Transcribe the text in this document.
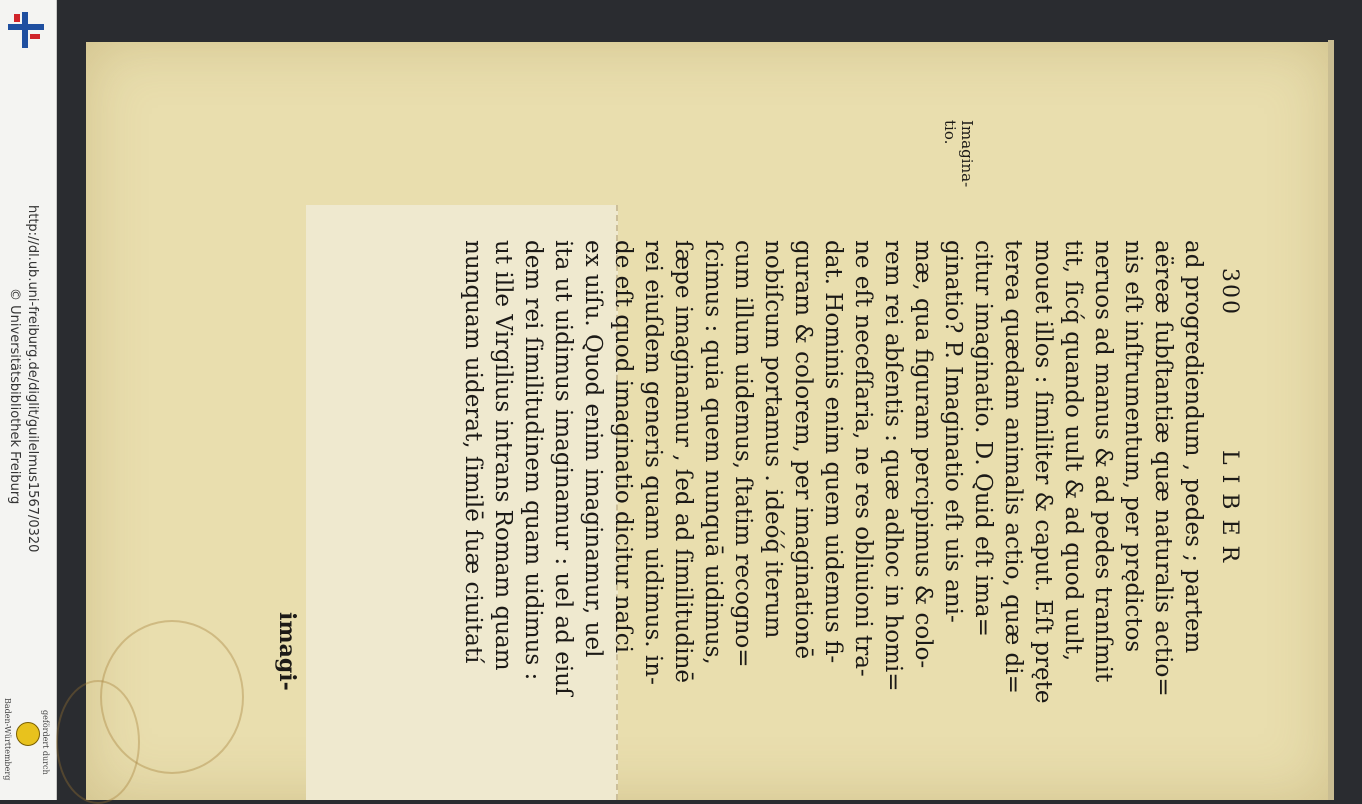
http://dl.ub.uni-freiburg.de/diglit/guilelmus1567/0320
© Universitätsbibliothek Freiburg
gefördert durch
Baden-Württemberg
Imagina-
tio.
300
LIBER
ad progrediendum , pedes ; partem
aëreæ ſubſtantiæ quæ naturalis actio=
nis eſt inſtrumentum, per prędictos
neruos ad manus & ad pedes tranſmit
tit, ſicq́ quando uult & ad quod uult,
mouet illos : ſimiliter & caput. Eſt pręte
terea quædam animalis actio, quæ di=
citur imaginatio. D. Quid eſt ima=
ginatio? P. Imaginatio eſt uis ani-
mæ, qua figuram percipimus & colo-
rem rei abſentis : quæ adhoc in homi=
ne eſt neceſſaria, ne res obliuioni tra-
dat. Hominis enim quem uidemus fi-
guram & colorem, per imaginationē
nobiſcum portamus . ideóq́ iterum
cum illum uidemus, ſtatim recogno=
ſcimus : quia quem nunquā uidimus,
ſæpe imaginamur , ſed ad ſimilitudinē
rei eiuſdem generis quam uidimus. in-
de eſt quod imaginatio dicitur naſci
ex uiſu. Quod enim imaginamur, uel
ita ut uidimus imaginamur : uel ad eiuſ
dem rei ſimilitudinem quam uidimus :
ut ille Virgilius intrans Romam quam
nunquam uiderat, ſimilē ſuæ ciuitatí
imagi-
